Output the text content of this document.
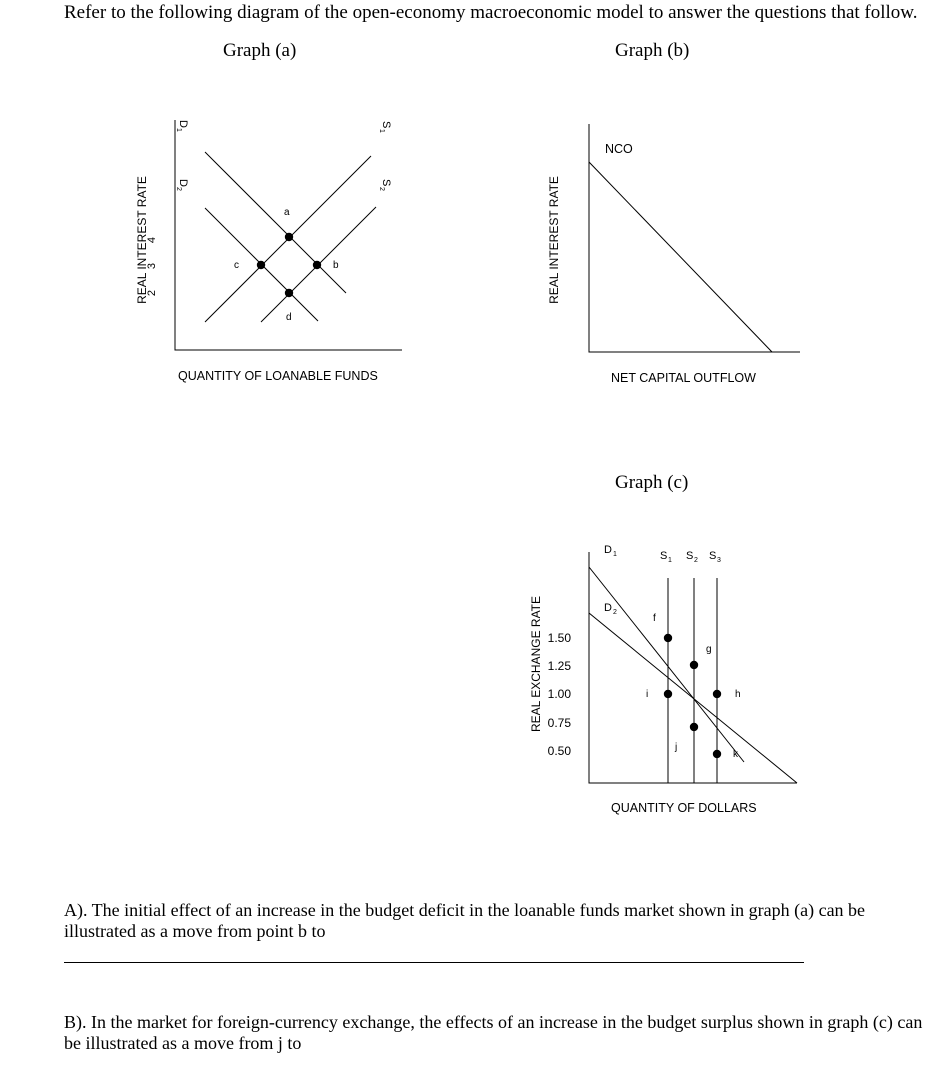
Refer to the following diagram of the open-economy macroeconomic model to answer the questions that follow.
Graph (a)	Graph (b)
Graph (c)
REAL INTEREST RATE
4
3
2
a
b
c
d
D
1
D
2
S
1
S
2
QUANTITY OF LOANABLE FUNDS
REAL INTEREST RATE
NCO
NET CAPITAL OUTFLOW
REAL EXCHANGE RATE 1.50
1.25
1.00
0.75
0.50
f
g
h
i
j
k
D 1
D 2
S 1 S 2 S 3
QUANTITY OF DOLLARS
A). The initial effect of an increase in the budget deficit in the loanable funds market shown in graph (a) can be illustrated as a move from point b to
B). In the market for foreign-currency exchange, the effects of an increase in the budget surplus shown in graph (c) can be illustrated as a move from j to
